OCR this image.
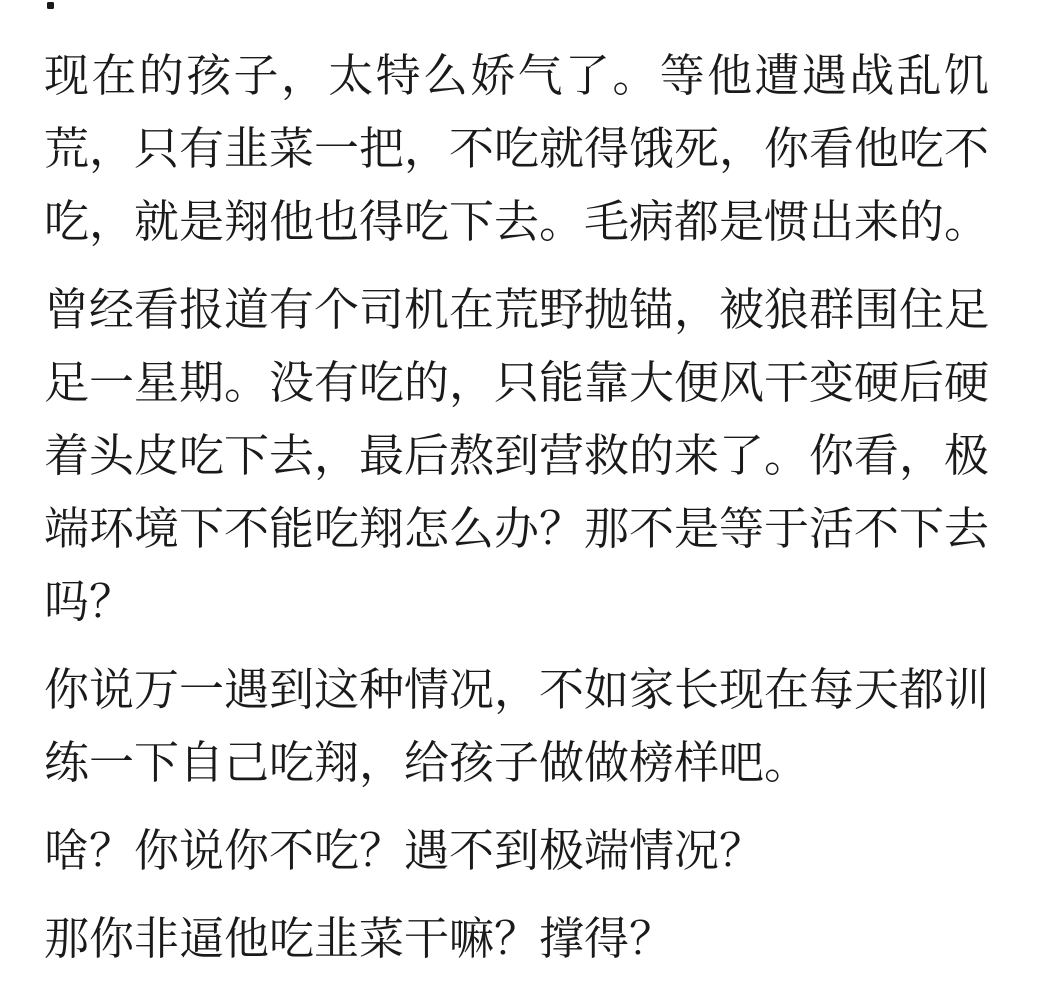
现在的孩子，太特么娇气了。等他遭遇战乱饥
荒，只有韭菜一把，不吃就得饿死，你看他吃不
吃，就是翔他也得吃下去。毛病都是惯出来的。
曾经看报道有个司机在荒野抛锚，被狼群围住足
足一星期。没有吃的，只能靠大便风干变硬后硬
着头皮吃下去，最后熬到营救的来了。你看，极
端环境下不能吃翔怎么办？那不是等于活不下去
吗？
你说万一遇到这种情况，不如家长现在每天都训
练一下自己吃翔，给孩子做做榜样吧。
啥？你说你不吃？遇不到极端情况？
那你非逼他吃韭菜干嘛？撑得？
